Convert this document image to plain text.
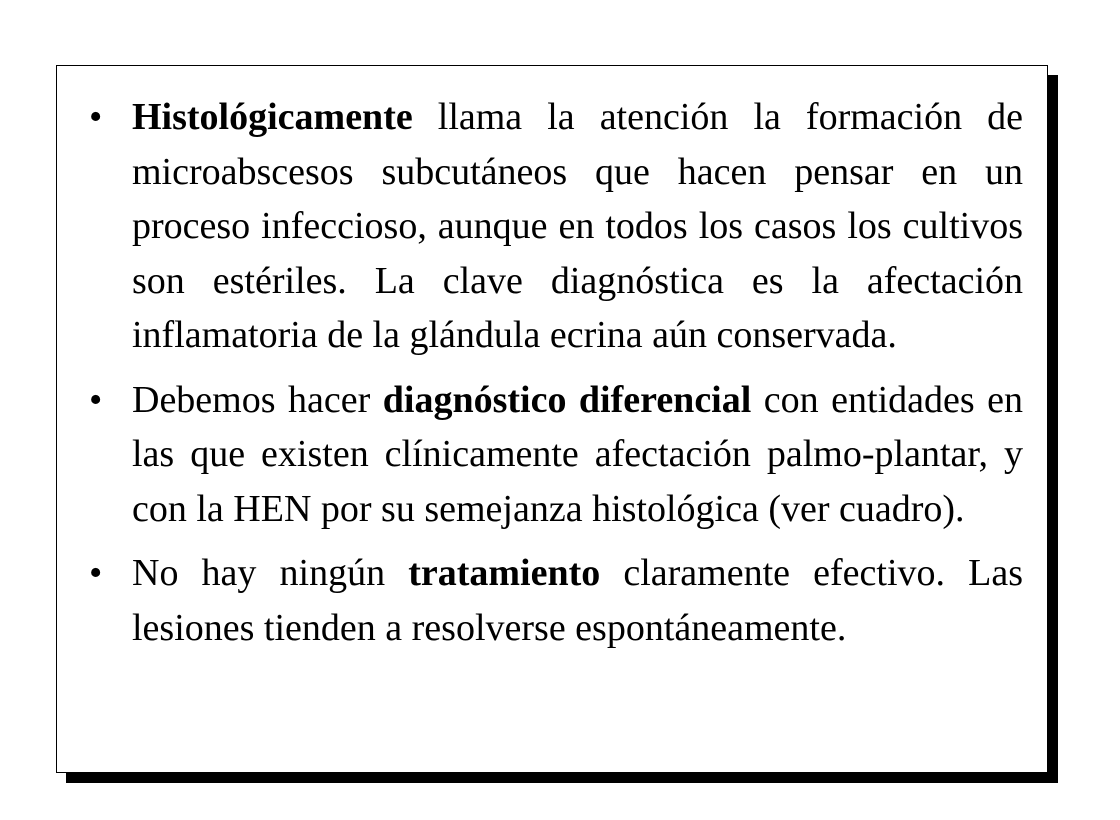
• Histológicamente llama la atención la formación de microabscesos subcutáneos que hacen pensar en un proceso infeccioso, aunque en todos los casos los cultivos son estériles. La clave diagnóstica es la afectación inflamatoria de la glándula ecrina aún conservada.
• Debemos hacer diagnóstico diferencial con entidades en las que existen clínicamente afectación palmo-plantar, y con la HEN por su semejanza histológica (ver cuadro).
• No hay ningún tratamiento claramente efectivo. Las lesiones tienden a resolverse espontáneamente.
